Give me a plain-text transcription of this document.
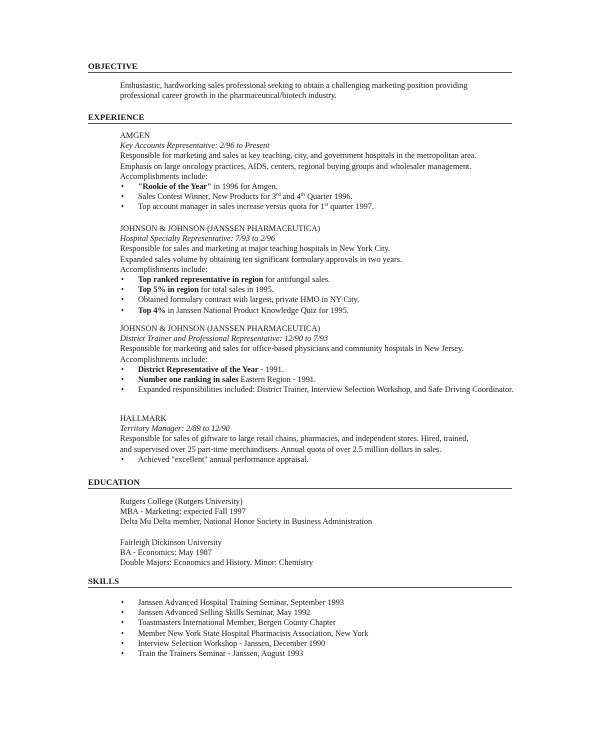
OBJECTIVE
Enthusiastic, hardworking sales professional seeking to obtain a challenging marketing position providing
professional career growth in the pharmaceutical/biotech industry.
EXPERIENCE
AMGEN
Key Accounts Representative: 2/96 to Present
Responsible for marketing and sales at key teaching, city, and government hospitals in the metropolitan area.
Emphasis on large oncology practices, AIDS, centers, regional buying groups and wholesaler management.
Accomplishments include:
• "Rookie of the Year" in 1996 for Amgen.
• Sales Contest Winner, New Products for 3rd and 4th Quarter 1996.
• Top account manager in sales increase versus quota for 1st quarter 1997.
JOHNSON & JOHNSON (JANSSEN PHARMACEUTICA)
Hospital Specialty Representative: 7/93 to 2/96
Responsible for sales and marketing at major teaching hospitals in New York City.
Expanded sales volume by obtaining ten significant formulary approvals in two years.
Accomplishments include:
• Top ranked representative in region for antifungal sales.
• Top 5% in region for total sales in 1995.
• Obtained formulary contract with largest, private HMO in NY City.
• Top 4% in Janssen National Product Knowledge Quiz for 1995.
JOHNSON & JOHNSON (JANSSEN PHARMACEUTICA)
District Trainer and Professional Representative: 12/90 to 7/93
Responsible for marketing and sales for office-based physicians and community hospitals in New Jersey.
Accomplishments include:
• District Representative of the Year - 1991.
• Number one ranking in sales Eastern Region - 1991.
• Expanded responsibilities included: District Trainer, Interview Selection Workshop, and Safe Driving Coordinator.
HALLMARK
Territory Manager: 2/89 to 12/90
Responsible for sales of giftware to large retail chains, pharmacies, and independent stores. Hired, trained,
and supervised over 25 part-time merchandisers. Annual quota of over 2.5 million dollars in sales.
• Achieved "excellent" annual performance appraisal.
EDUCATION
Rutgers College (Rutgers University)
MBA - Marketing: expected Fall 1997
Delta Mu Delta member, National Honor Society in Business Administration
Fairleigh Dickinson University
BA - Economics: May 1987
Double Majors: Economics and History. Minor: Chemistry
SKILLS
• Janssen Advanced Hospital Training Seminar, September 1993
• Janssen Advanced Selling Skills Seminar, May 1992
• Toastmasters International Member, Bergen County Chapter
• Member New York State Hospital Pharmacists Association, New York
• Interview Selection Workshop - Janssen, December 1990
• Train the Trainers Seminar - Janssen, August 1993
